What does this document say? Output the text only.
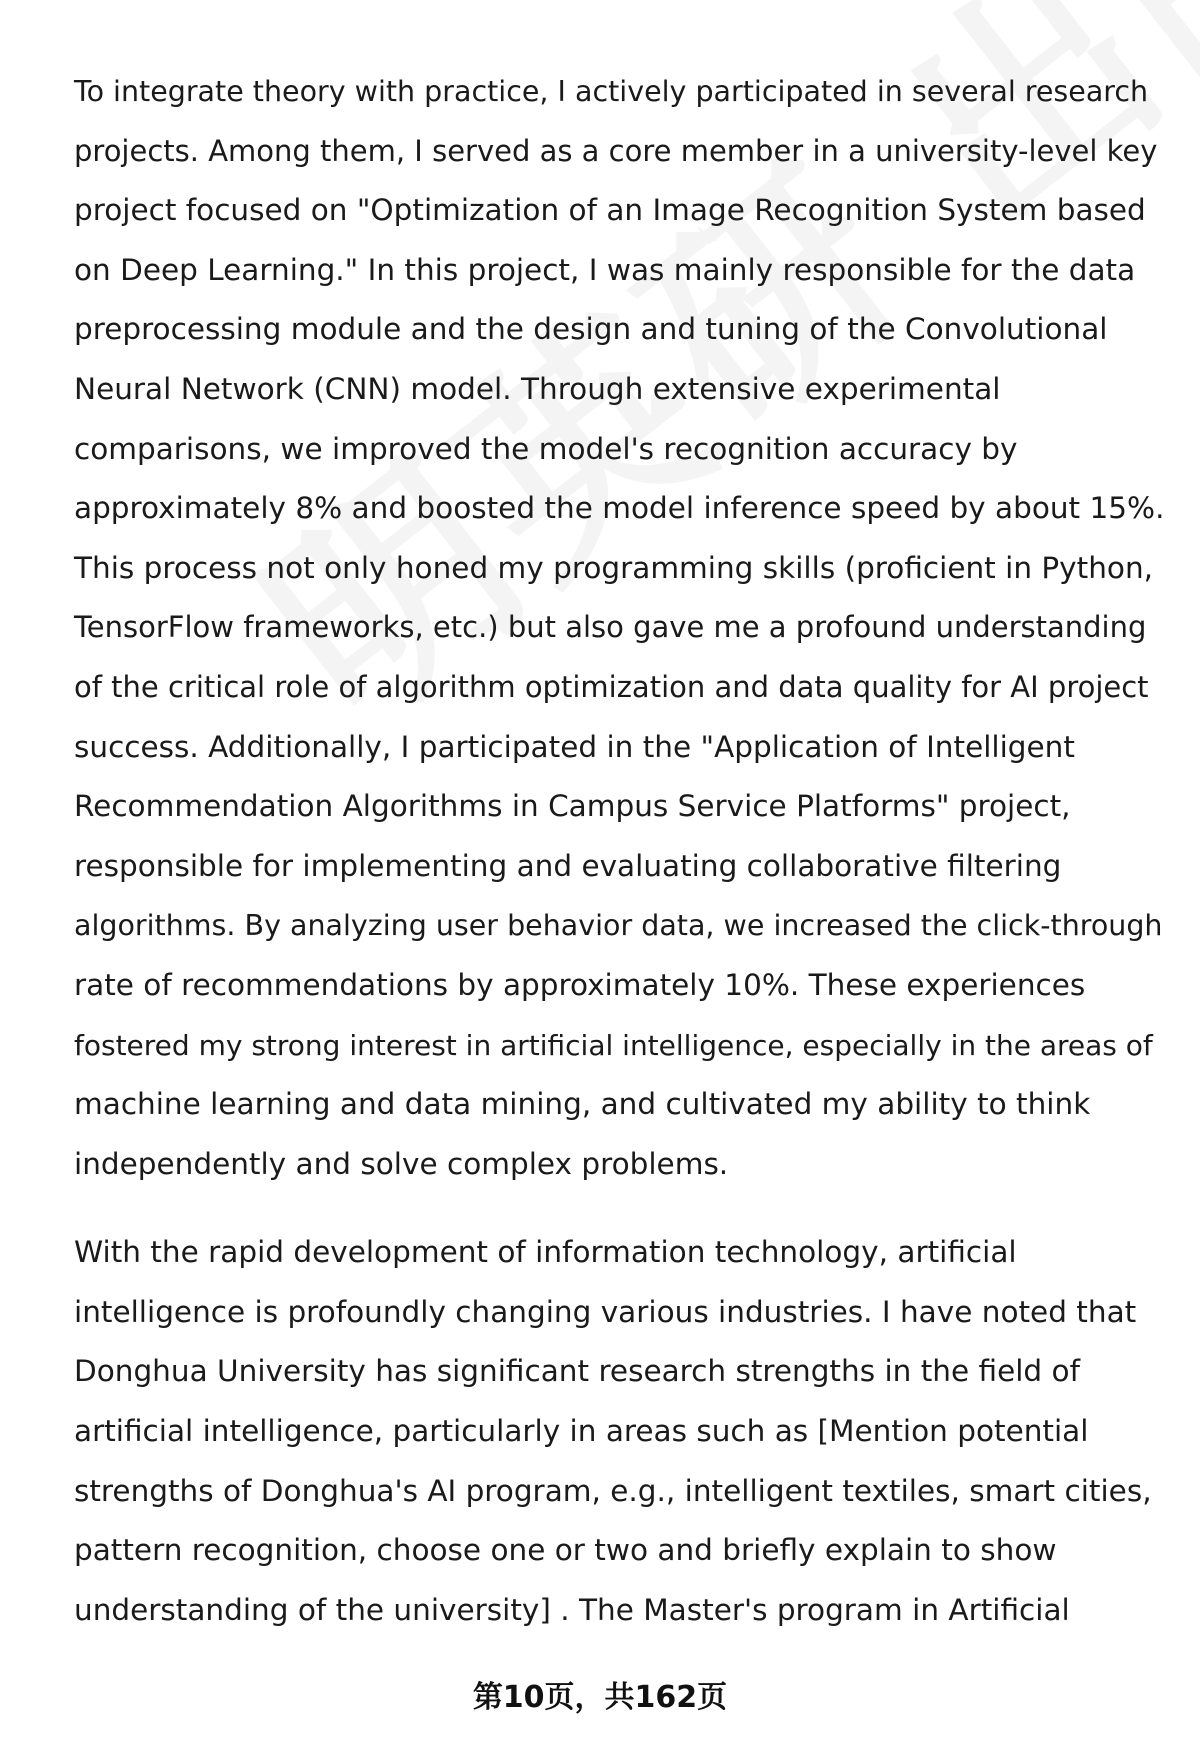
To integrate theory with practice, I actively participated in several research
projects. Among them, I served as a core member in a university-level key
project focused on "Optimization of an Image Recognition System based
on Deep Learning." In this project, I was mainly responsible for the data
preprocessing module and the design and tuning of the Convolutional
Neural Network (CNN) model. Through extensive experimental
comparisons, we improved the model's recognition accuracy by
approximately 8% and boosted the model inference speed by about 15%.
This process not only honed my programming skills (proficient in Python,
TensorFlow frameworks, etc.) but also gave me a profound understanding
of the critical role of algorithm optimization and data quality for AI project
success. Additionally, I participated in the "Application of Intelligent
Recommendation Algorithms in Campus Service Platforms" project,
responsible for implementing and evaluating collaborative filtering
algorithms. By analyzing user behavior data, we increased the click-through
rate of recommendations by approximately 10%. These experiences
fostered my strong interest in artificial intelligence, especially in the areas of
machine learning and data mining, and cultivated my ability to think
independently and solve complex problems.

With the rapid development of information technology, artificial
intelligence is profoundly changing various industries. I have noted that
Donghua University has significant research strengths in the field of
artificial intelligence, particularly in areas such as [Mention potential
strengths of Donghua's AI program, e.g., intelligent textiles, smart cities,
pattern recognition, choose one or two and briefly explain to show
understanding of the university] . The Master's program in Artificial

第10页，共162页
